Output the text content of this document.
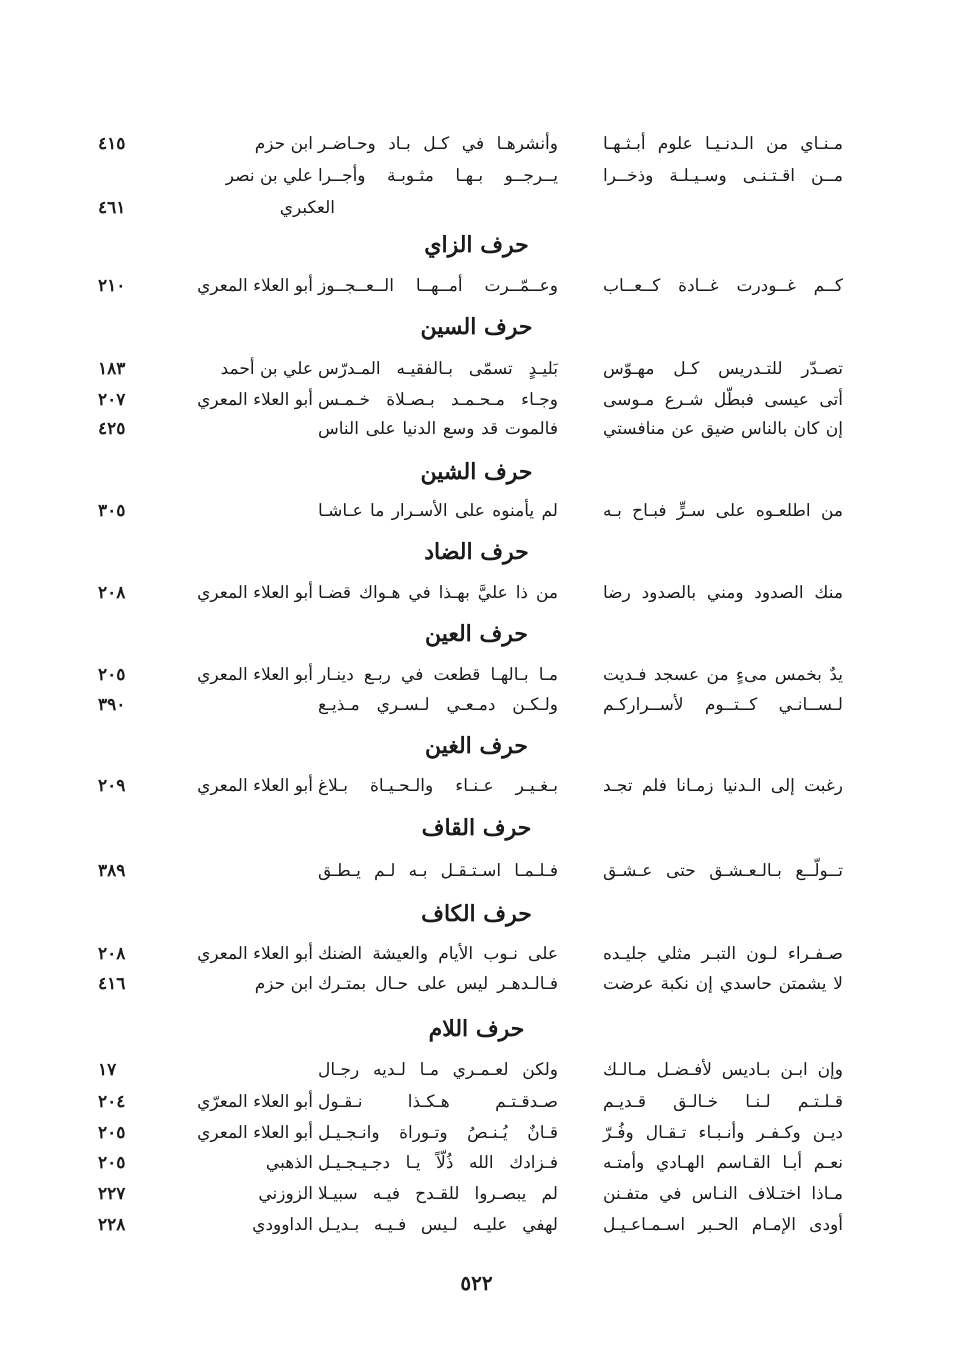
مـنـاي من الـدنـيـا علوم أبـثـهـا
وأنشرهـا في كـل بـاد وحـاضـر
ابن حزم
٤١٥
مــن اقـتـنـى وسـيـلـة وذخــرا
يــرجــو بـهـا مثـوبـة وأجــرا
علي بن نصر
العكبري
٤٦١
حرف الزاي
كــم غــودرت غــادة كــعــاب
وعــمّــرت أمــهــا الــعــجــوز
أبو العلاء المعري
٢١٠
حرف السين
تصـدّر للتـدريس كـل مهـوّس
بَليـدٍ تسمّى بـالفقيـه المـدرّس
علي بن أحمد
١٨٣
أتى عيسى فبطّل شـرع مـوسى
وجـاء مـحـمـد بـصـلاة خـمـس
أبو العلاء المعري
٢٠٧
إن كان بالناس ضيق عن منافستي
فالموت قد وسع الدنيا على الناس
٤٢٥
حرف الشين
من اطلعـوه على سـرٍّ فبـاح بـه
لم يأمنوه على الأسـرار ما عـاشـا
٣٠٥
حرف الضاد
منك الصدود ومني بالصدود رضا
من ذا عليَّ بهـذا في هـواك قضـا
أبو العلاء المعري
٢٠٨
حرف العين
يدٌ بخمس مىءٍ من عسجد فـديت
مـا بـالهـا قطعت في ربـع دينـار
أبو العلاء المعري
٢٠٥
لـســانـي كــتــوم لأســراركـم
ولـكـن دمـعـي لـسـري مـذيـع
٣٩٠
حرف الغين
رغبت إلى الـدنيا زمـانا فلم تجـد
بـغـيـر عـنـاء والـحـيـاة بـلاغ
أبو العلاء المعري
٢٠٩
حرف القاف
تــولّــع بـالـعـشـق حتى عـشـق
فـلـمـا اسـتـقـل بـه لـم يـطـق
٣٨٩
حرف الكاف
صـفـراء لـون التبـر مثلي جليـده
على نـوب الأيام والعيشة الضنك
أبو العلاء المعري
٢٠٨
لا يشمتن حاسدي إن نكبة عرضت
فـالـدهـر ليس على حـال بمتـرك
ابن حزم
٤١٦
حرف اللام
وإن ابـن بـاديس لأفـضـل مـالـك
ولكن لعـمـري مـا لـديه رجـال
١٧
قـلـتـم لـنـا خـالـق قـديـم
صـدقـتـم هـكـذا نـقـول
أبو العلاء المعرّي
٢٠٤
ديـن وكـفـر وأنـبـاء تـقـال وفُـرّ
قـانٌ يُـنـصُ وتـوراة وانـجـيـل
أبو العلاء المعري
٢٠٥
نعـم أبـا القـاسم الهـادي وأمتـه
فـزادك الله ذُلّاً يـا دجـيـجـيـل
الذهبي
٢٠٥
مـاذا اختـلاف النـاس في متفـنن
لم يبصـروا للقـدح فيـه سبيـلا
الزوزني
٢٢٧
أودى الإمـام الحـبر اسـمـاعـيـل
لهفي عليـه لـيس فـيـه بـديـل
الداوودي
٢٢٨
٥٢٢
